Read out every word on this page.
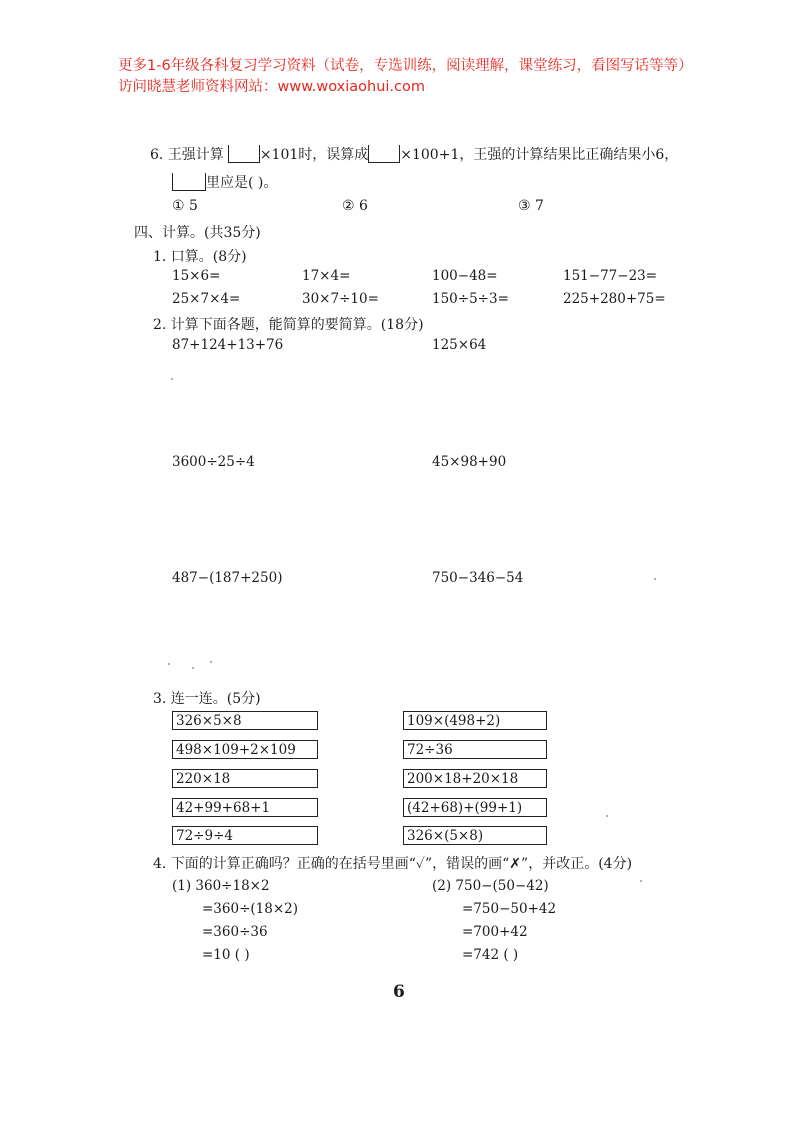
更多1-6年级各科复习学习资料（试卷，专选训练，阅读理解，课堂练习，看图写话等等）访问晓慧老师资料网站：www.woxiaohui.com
6. 王强计算	×101时，误算成 ×100+1，王强的计算结果比正确结果小6，
里应是( )。
① 5	② 6	③ 7
四、计算。(共35分)
1. 口算。(8分)
15×6=	17×4=	100−48=	151−77−23=
25×7×4=	30×7÷10=	150÷5÷3=	225+280+75=
2. 计算下面各题，能简算的要简算。(18分)
87+124+13+76	125×64
3600÷25÷4	45×98+90
487−(187+250)	750−346−54
3. 连一连。(5分)
326×5×8
498×109+2×109
220×18
42+99+68+1
72÷9÷4
109×(498+2)
72÷36
200×18+20×18
(42+68)+(99+1)
326×(5×8)
4. 下面的计算正确吗？正确的在括号里画“✓”，错误的画“✗”，并改正。(4分)
(1) 360÷18×2
=360÷(18×2)
=360÷36
=10 ( )
(2) 750−(50−42)
=750−50+42
=700+42
=742 ( )
6
